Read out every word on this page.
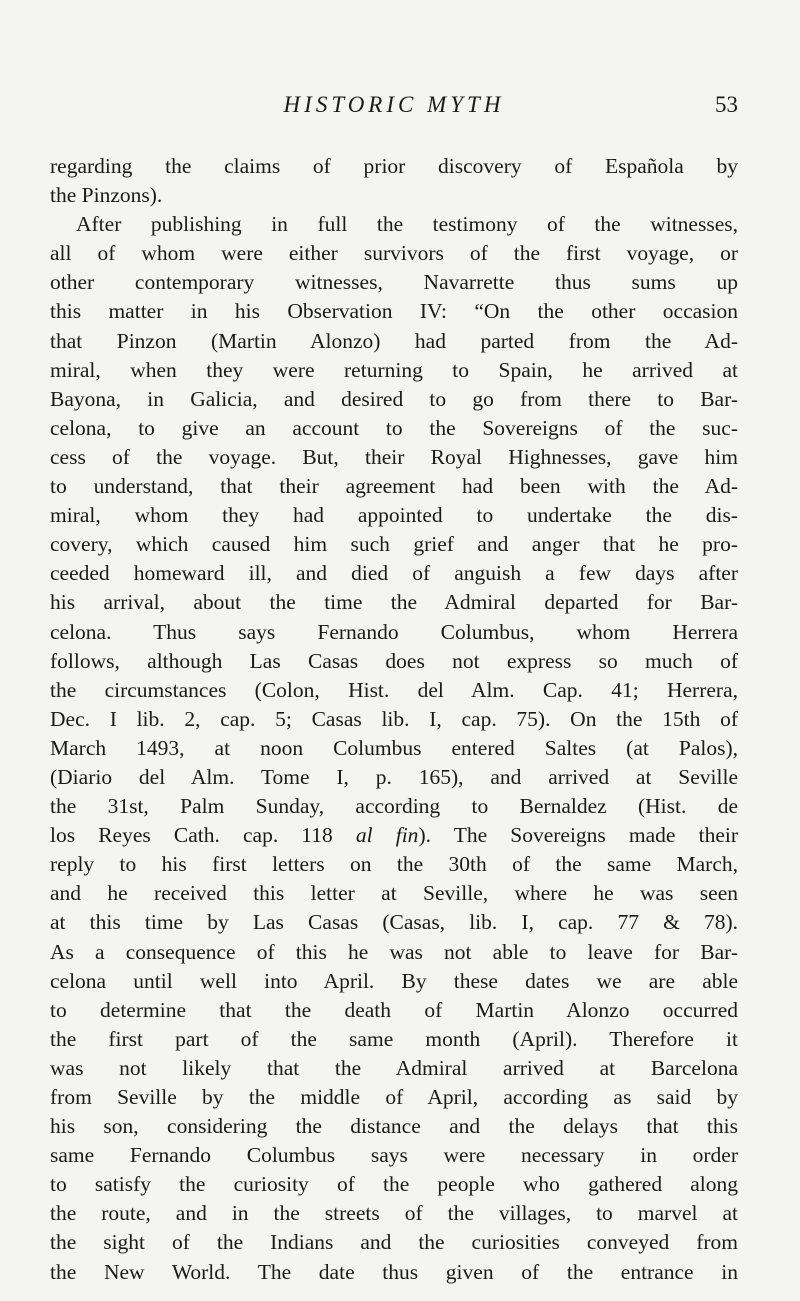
HISTORIC MYTH	53
regarding the claims of prior discovery of Española by
the Pinzons).
After publishing in full the testimony of the witnesses,
all of whom were either survivors of the first voyage, or
other contemporary witnesses, Navarrette thus sums up
this matter in his Observation IV: “On the other occasion
that Pinzon (Martin Alonzo) had parted from the Ad-
miral, when they were returning to Spain, he arrived at
Bayona, in Galicia, and desired to go from there to Bar-
celona, to give an account to the Sovereigns of the suc-
cess of the voyage. But, their Royal Highnesses, gave him
to understand, that their agreement had been with the Ad-
miral, whom they had appointed to undertake the dis-
covery, which caused him such grief and anger that he pro-
ceeded homeward ill, and died of anguish a few days after
his arrival, about the time the Admiral departed for Bar-
celona. Thus says Fernando Columbus, whom Herrera
follows, although Las Casas does not express so much of
the circumstances (Colon, Hist. del Alm. Cap. 41; Herrera,
Dec. I lib. 2, cap. 5; Casas lib. I, cap. 75). On the 15th of
March 1493, at noon Columbus entered Saltes (at Palos),
(Diario del Alm. Tome I, p. 165), and arrived at Seville
the 31st, Palm Sunday, according to Bernaldez (Hist. de
los Reyes Cath. cap. 118 al fin). The Sovereigns made their
reply to his first letters on the 30th of the same March,
and he received this letter at Seville, where he was seen
at this time by Las Casas (Casas, lib. I, cap. 77 & 78).
As a consequence of this he was not able to leave for Bar-
celona until well into April. By these dates we are able
to determine that the death of Martin Alonzo occurred
the first part of the same month (April). Therefore it
was not likely that the Admiral arrived at Barcelona
from Seville by the middle of April, according as said by
his son, considering the distance and the delays that this
same Fernando Columbus says were necessary in order
to satisfy the curiosity of the people who gathered along
the route, and in the streets of the villages, to marvel at
the sight of the Indians and the curiosities conveyed from
the New World. The date thus given of the entrance in
